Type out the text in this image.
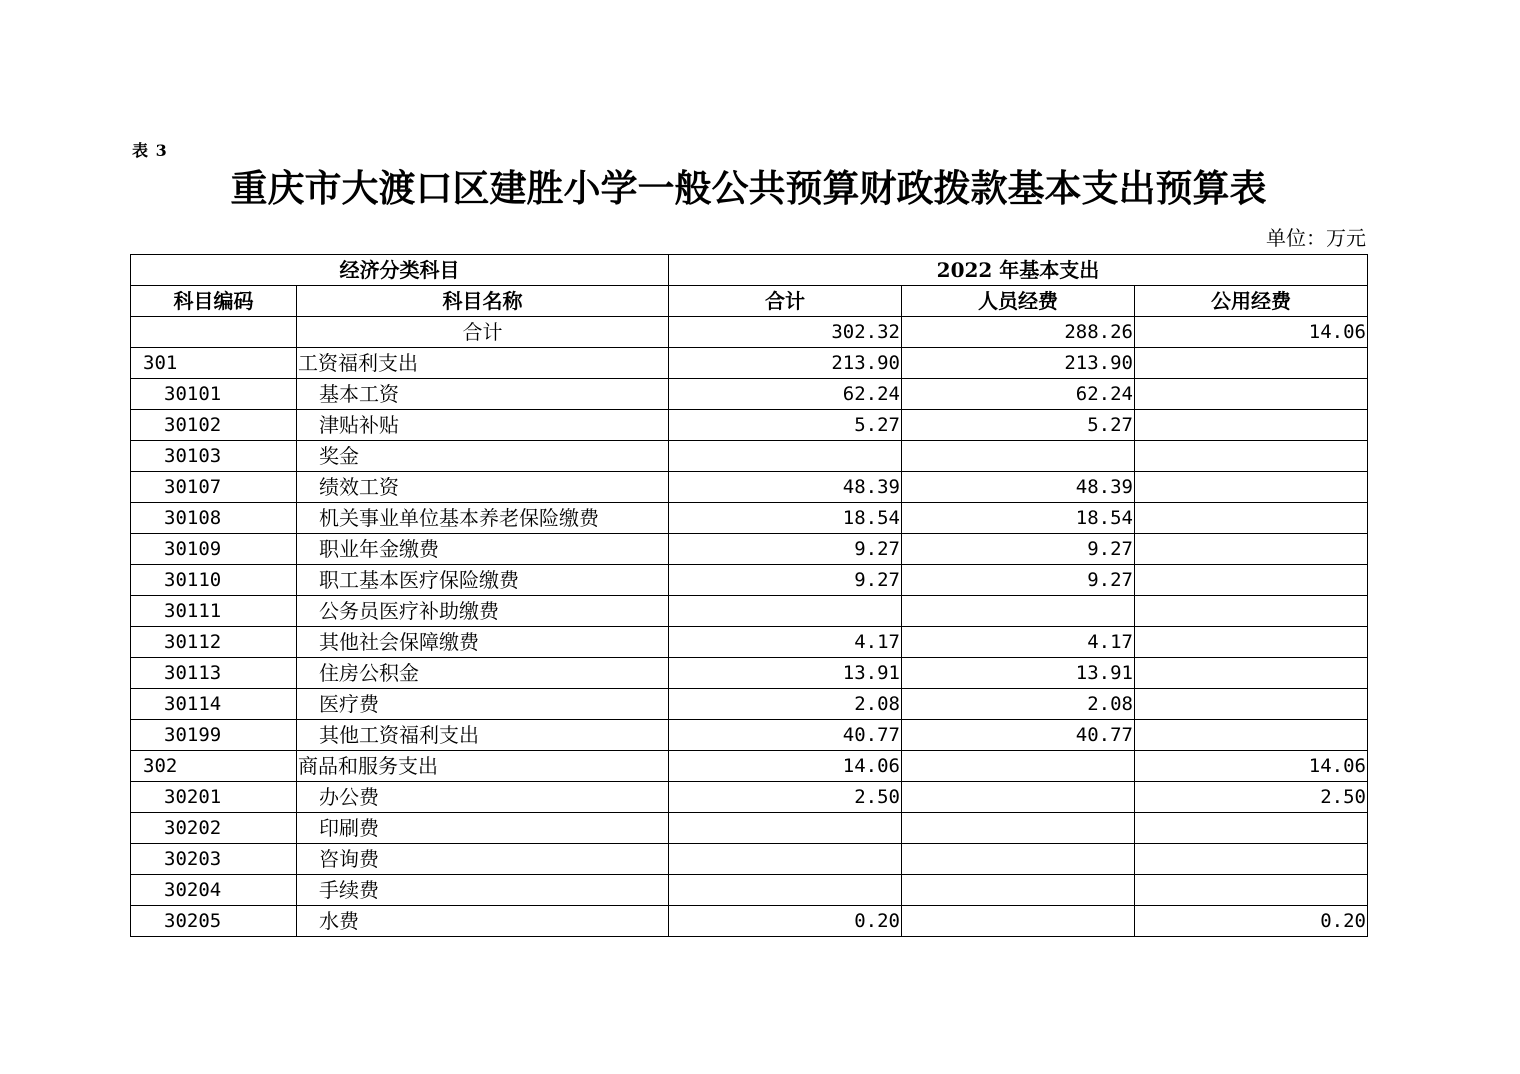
表 3
重庆市大渡口区建胜小学一般公共预算财政拨款基本支出预算表
单位：万元
经济分类科目		2022 年基本支出		
科目编码	科目名称	合计	人员经费	公用经费
	合计	302.32	288.26	14.06
301	工资福利支出	213.90	213.90	
30101	基本工资	62.24	62.24	
30102	津贴补贴	5.27	5.27	
30103	奖金			
30107	绩效工资	48.39	48.39	
30108	机关事业单位基本养老保险缴费	18.54	18.54	
30109	职业年金缴费	9.27	9.27	
30110	职工基本医疗保险缴费	9.27	9.27	
30111	公务员医疗补助缴费			
30112	其他社会保障缴费	4.17	4.17	
30113	住房公积金	13.91	13.91	
30114	医疗费	2.08	2.08	
30199	其他工资福利支出	40.77	40.77	
302	商品和服务支出	14.06		14.06
30201	办公费	2.50		2.50
30202	印刷费			
30203	咨询费			
30204	手续费			
30205	水费	0.20		0.20
